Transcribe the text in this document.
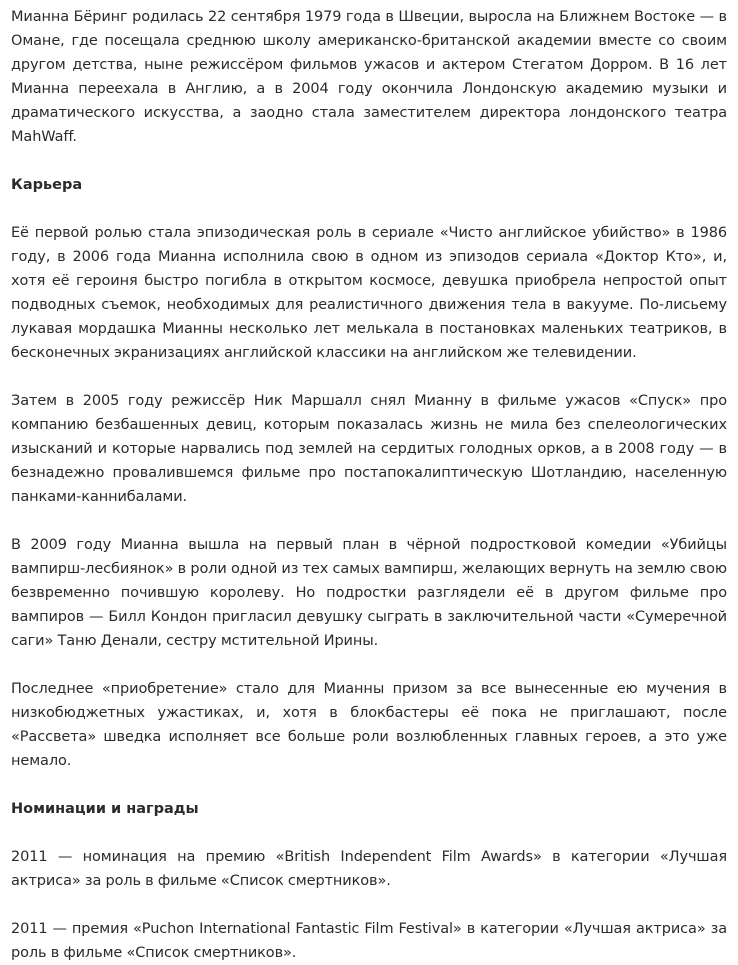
Мианна Бёринг родилась 22 сентября 1979 года в Швеции, выросла на Ближнем Востоке — в Омане, где посещала среднюю школу американско-британской академии вместе со своим другом детства, ныне режиссёром фильмов ужасов и актером Стегатом Дорром. В 16 лет Мианна переехала в Англию, а в 2004 году окончила Лондонскую академию музыки и драматического искусства, а заодно стала заместителем директора лондонского театра MahWaff.

Карьера

Её первой ролью стала эпизодическая роль в сериале «Чисто английское убийство» в 1986 году, в 2006 года Мианна исполнила свою в одном из эпизодов сериала «Доктор Кто», и, хотя её героиня быстро погибла в открытом космосе, девушка приобрела непростой опыт подводных съемок, необходимых для реалистичного движения тела в вакууме. По-лисьему лукавая мордашка Мианны несколько лет мелькала в постановках маленьких театриков, в бесконечных экранизациях английской классики на английском же телевидении.

Затем в 2005 году режиссёр Ник Маршалл снял Мианну в фильме ужасов «Спуск» про компанию безбашенных девиц, которым показалась жизнь не мила без спелеологических изысканий и которые нарвались под землей на сердитых голодных орков, а в 2008 году — в безнадежно провалившемся фильме про постапокалиптическую Шотландию, населенную панками-каннибалами.

В 2009 году Мианна вышла на первый план в чёрной подростковой комедии «Убийцы вампирш-лесбиянок» в роли одной из тех самых вампирш, желающих вернуть на землю свою безвременно почившую королеву. Но подростки разглядели её в другом фильме про вампиров — Билл Кондон пригласил девушку сыграть в заключительной части «Сумеречной саги» Таню Денали, сестру мстительной Ирины.

Последнее «приобретение» стало для Мианны призом за все вынесенные ею мучения в низкобюджетных ужастиках, и, хотя в блокбастеры её пока не приглашают, после «Рассвета» шведка исполняет все больше роли возлюбленных главных героев, а это уже немало.

Номинации и награды

2011 — номинация на премию «British Independent Film Awards» в категории «Лучшая актриса» за роль в фильме «Список смертников».

2011 — премия «Puchon International Fantastic Film Festival» в категории «Лучшая актриса» за роль в фильме «Список смертников».
